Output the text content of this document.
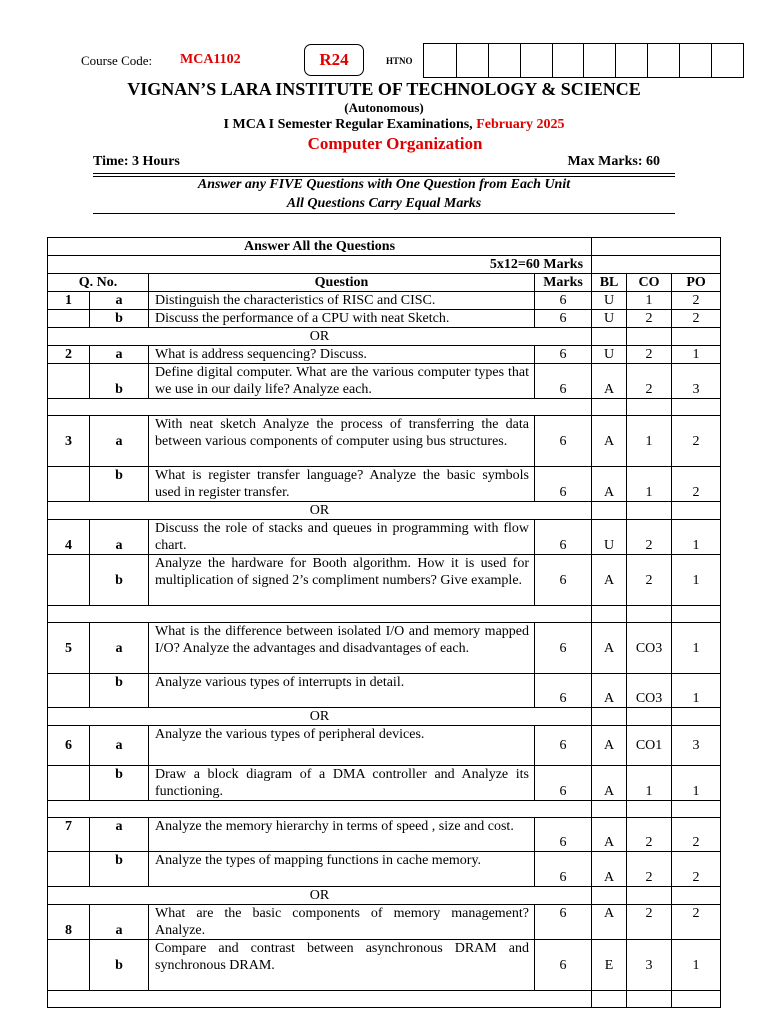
Course Code: MCA1102	R24	HTNO
VIGNAN’S LARA INSTITUTE OF TECHNOLOGY & SCIENCE
(Autonomous)
I MCA I Semester Regular Examinations, February 2025
Computer Organization
Time: 3 Hours	Max Marks: 60
Answer any FIVE Questions with One Question from Each Unit
All Questions Carry Equal Marks
Answer All the Questions						
5x12=60 Marks						
Q. No.		Question	Marks	BL	CO	PO
1	a	Distinguish the characteristics of RISC and CISC.	6	U	1	2
	b	Discuss the performance of a CPU with neat Sketch.	6	U	2	2
OR						
2	a	What is address sequencing? Discuss.	6	U	2	1
	b	Define digital computer. What are the various computer types that we use in our daily life? Analyze each.	6	A	2	3

3	a	With neat sketch Analyze the process of transferring the data between various components of computer using bus structures.	6	A	1	2
	b	What is register transfer language? Analyze the basic symbols used in register transfer.	6	A	1	2
OR						
4	a	Discuss the role of stacks and queues in programming with flow chart.	6	U	2	1
	b	Analyze the hardware for Booth algorithm. How it is used for multiplication of signed 2’s compliment numbers? Give example.	6	A	2	1

5	a	What is the difference between isolated I/O and memory mapped I/O? Analyze the advantages and disadvantages of each.	6	A	CO3	1
	b	Analyze various types of interrupts in detail.	6	A	CO3	1
OR						
6	a	Analyze the various types of peripheral devices.	6	A	CO1	3
	b	Draw a block diagram of a DMA controller and Analyze its functioning.	6	A	1	1

7	a	Analyze the memory hierarchy in terms of speed , size and cost.	6	A	2	2
	b	Analyze the types of mapping functions in cache memory.	6	A	2	2
OR						
8	a	What are the basic components of memory management? Analyze.	6	A	2	2
	b	Compare and contrast between asynchronous DRAM and synchronous DRAM.	6	E	3	1
